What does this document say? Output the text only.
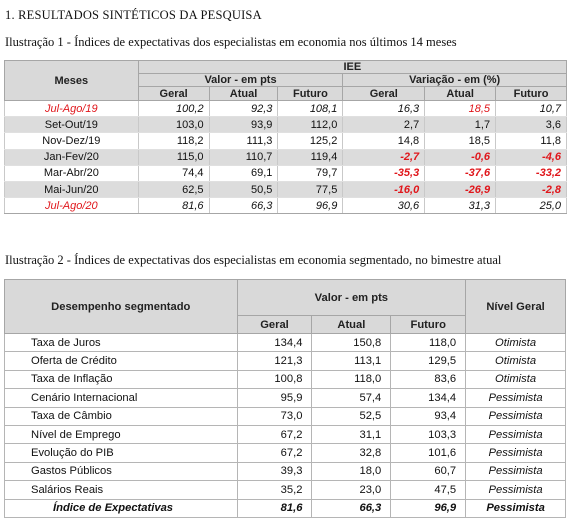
1. RESULTADOS SINTÉTICOS DA PESQUISA
Ilustração 1 - Índices de expectativas dos especialistas em economia nos últimos 14 meses
Meses	IEE					
	Valor - em pts			Variação - em (%)		
	Geral	Atual	Futuro	Geral	Atual	Futuro
Jul-Ago/19	100,2	92,3	108,1	16,3	18,5	10,7
Set-Out/19	103,0	93,9	112,0	2,7	1,7	3,6
Nov-Dez/19	118,2	111,3	125,2	14,8	18,5	11,8
Jan-Fev/20	115,0	110,7	119,4	-2,7	-0,6	-4,6
Mar-Abr/20	74,4	69,1	79,7	-35,3	-37,6	-33,2
Mai-Jun/20	62,5	50,5	77,5	-16,0	-26,9	-2,8
Jul-Ago/20	81,6	66,3	96,9	30,6	31,3	25,0
Ilustração 2 - Índices de expectativas dos especialistas em economia segmentado, no bimestre atual
Desempenho segmentado	Valor - em pts			Nível Geral
	Geral	Atual	Futuro	
Taxa de Juros	134,4	150,8	118,0	Otimista
Oferta de Crédito	121,3	113,1	129,5	Otimista
Taxa de Inflação	100,8	118,0	83,6	Otimista
Cenário Internacional	95,9	57,4	134,4	Pessimista
Taxa de Câmbio	73,0	52,5	93,4	Pessimista
Nível de Emprego	67,2	31,1	103,3	Pessimista
Evolução do PIB	67,2	32,8	101,6	Pessimista
Gastos Públicos	39,3	18,0	60,7	Pessimista
Salários Reais	35,2	23,0	47,5	Pessimista
Índice de Expectativas	81,6	66,3	96,9	Pessimista
